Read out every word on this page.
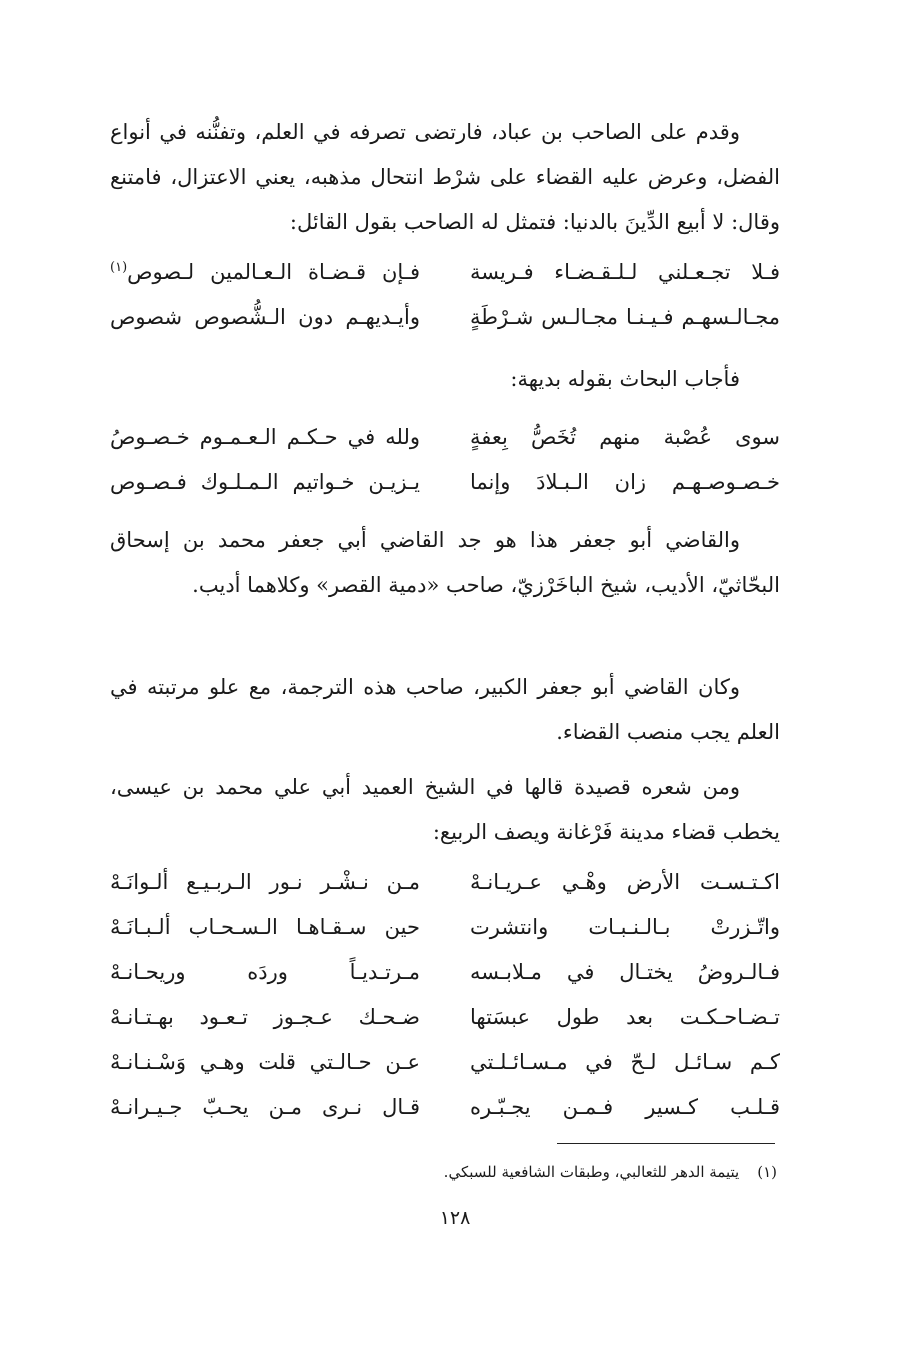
وقدم على الصاحب بن عباد، فارتضى تصرفه في العلم، وتفنُّنه في أنواع الفضل، وعرض عليه القضاء على شرْط انتحال مذهبه، يعني الاعتزال، فامتنع وقال: لا أبيع الدِّينَ بالدنيا: فتمثل له الصاحب بقول القائل:

فـلا تجـعـلني لـلـقـضـاء فـريسة
فـإن قـضـاة الـعـالمين لـصوص$^{(١)}$
مجـالـسهـم فـيـنـا مجـالـس شـرْطَةٍ
وأيـديهـم دون الـشُّصوص شصوص

فأجاب البحاث بقوله بديهة:

سوى عُصْبة منهم تُخَصُّ بِعفةٍ
ولله في حـكـم الـعـمـوم خـصـوصُ
خـصـوصـهـم زان الـبـلادَ وإنما
يـزيـن خـواتيم الـمـلـوك فـصـوص

والقاضي أبو جعفر هذا هو جد القاضي أبي جعفر محمد بن إسحاق البحّاثيّ، الأديب، شيخ الباخَرْزيّ، صاحب «دمية القصر» وكلاهما أديب.

وكان القاضي أبو جعفر الكبير، صاحب هذه الترجمة، مع علو مرتبته في العلم يجب منصب القضاء.

ومن شعره قصيدة قالها في الشيخ العميد أبي علي محمد بن عيسى، يخطب قضاء مدينة فَرْغانة ويصف الربيع:

اكـتـسـت الأرض وهْـي عـريـانـهْ
مـن نـشْـر نـور الـربـيـع ألـوانَـهْ
واتّـزرتْ بـالـنـبـات وانتشرت
حين سـقـاهـا الـسـحـاب ألـبـانَـهْ
فـالـروضُ يختـال في مـلابـسه
مـرتـديـاً وردَه وريحـانـهْ
تـضـاحـكـت بعد طول عبسَتها
ضـحـك عـجـوز تـعـود بهـتـانـهْ
كـم سـائـل لـحّ في مـسـائـلـتي
عـن حـالـتي قلت وهـي وَسْـنـانـهْ
قـلـب كـسير فـمـن يجـبّـره
قـال نـرى مـن يحـبّ جـيـرانـهْ
(١)يتيمة الدهر للثعالبي، وطبقات الشافعية للسبكي.
١٢٨
